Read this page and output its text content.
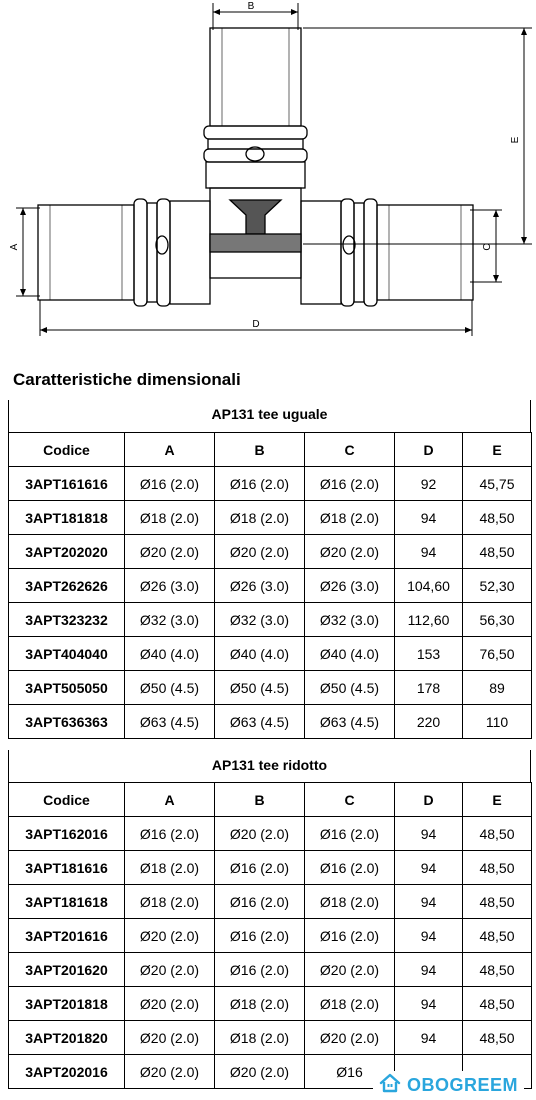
B
D
A	C
E
Caratteristiche dimensionali
AP131 tee uguale
Codice	A	B	C	D	E
3APT161616	Ø16 (2.0)	Ø16 (2.0)	Ø16 (2.0)	92	45,75
3APT181818	Ø18 (2.0)	Ø18 (2.0)	Ø18 (2.0)	94	48,50
3APT202020	Ø20 (2.0)	Ø20 (2.0)	Ø20 (2.0)	94	48,50
3APT262626	Ø26 (3.0)	Ø26 (3.0)	Ø26 (3.0)	104,60	52,30
3APT323232	Ø32 (3.0)	Ø32 (3.0)	Ø32 (3.0)	112,60	56,30
3APT404040	Ø40 (4.0)	Ø40 (4.0)	Ø40 (4.0)	153	76,50
3APT505050	Ø50 (4.5)	Ø50 (4.5)	Ø50 (4.5)	178	89
3APT636363	Ø63 (4.5)	Ø63 (4.5)	Ø63 (4.5)	220	110
AP131 tee ridotto
Codice	A	B	C	D	E
3APT162016	Ø16 (2.0)	Ø20 (2.0)	Ø16 (2.0)	94	48,50
3APT181616	Ø18 (2.0)	Ø16 (2.0)	Ø16 (2.0)	94	48,50
3APT181618	Ø18 (2.0)	Ø16 (2.0)	Ø18 (2.0)	94	48,50
3APT201616	Ø20 (2.0)	Ø16 (2.0)	Ø16 (2.0)	94	48,50
3APT201620	Ø20 (2.0)	Ø16 (2.0)	Ø20 (2.0)	94	48,50
3APT201818	Ø20 (2.0)	Ø18 (2.0)	Ø18 (2.0)	94	48,50
3APT201820	Ø20 (2.0)	Ø18 (2.0)	Ø20 (2.0)	94	48,50
3APT202016	Ø20 (2.0)	Ø20 (2.0)	Ø16		
OBOGREEM
